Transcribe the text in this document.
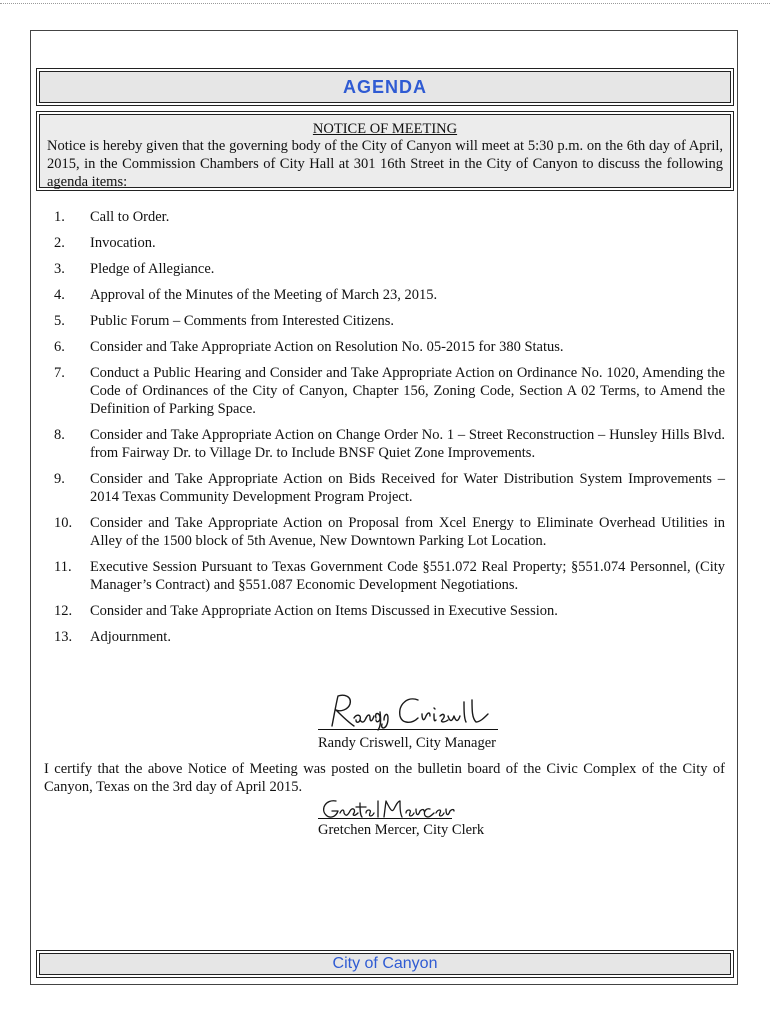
AGENDA
NOTICE OF MEETING
Notice is hereby given that the governing body of the City of Canyon will meet at 5:30 p.m. on the 6th day of April, 2015, in the Commission Chambers of City Hall at 301 16th Street in the City of Canyon to discuss the following agenda items:
1.	Call to Order.
2.	Invocation.
3.	Pledge of Allegiance.
4.	Approval of the Minutes of the Meeting of March 23, 2015.
5.	Public Forum – Comments from Interested Citizens.
6.	Consider and Take Appropriate Action on Resolution No. 05-2015 for 380 Status.
7.	Conduct a Public Hearing and Consider and Take Appropriate Action on Ordinance No. 1020, Amending the Code of Ordinances of the City of Canyon, Chapter 156, Zoning Code, Section A 02 Terms, to Amend the Definition of Parking Space.
8.	Consider and Take Appropriate Action on Change Order No. 1 – Street Reconstruction – Hunsley Hills Blvd. from Fairway Dr. to Village Dr. to Include BNSF Quiet Zone Improvements.
9.	Consider and Take Appropriate Action on Bids Received for Water Distribution System Improvements – 2014 Texas Community Development Program Project.
10.	Consider and Take Appropriate Action on Proposal from Xcel Energy to Eliminate Overhead Utilities in Alley of the 1500 block of 5th Avenue, New Downtown Parking Lot Location.
11.	Executive Session Pursuant to Texas Government Code §551.072 Real Property; §551.074 Personnel, (City Manager’s Contract) and §551.087 Economic Development Negotiations.
12.	Consider and Take Appropriate Action on Items Discussed in Executive Session.
13.	Adjournment.
Randy Criswell, City Manager
I certify that the above Notice of Meeting was posted on the bulletin board of the Civic Complex of the City of Canyon, Texas on the 3rd day of April 2015.
Gretchen Mercer, City Clerk
City of Canyon
